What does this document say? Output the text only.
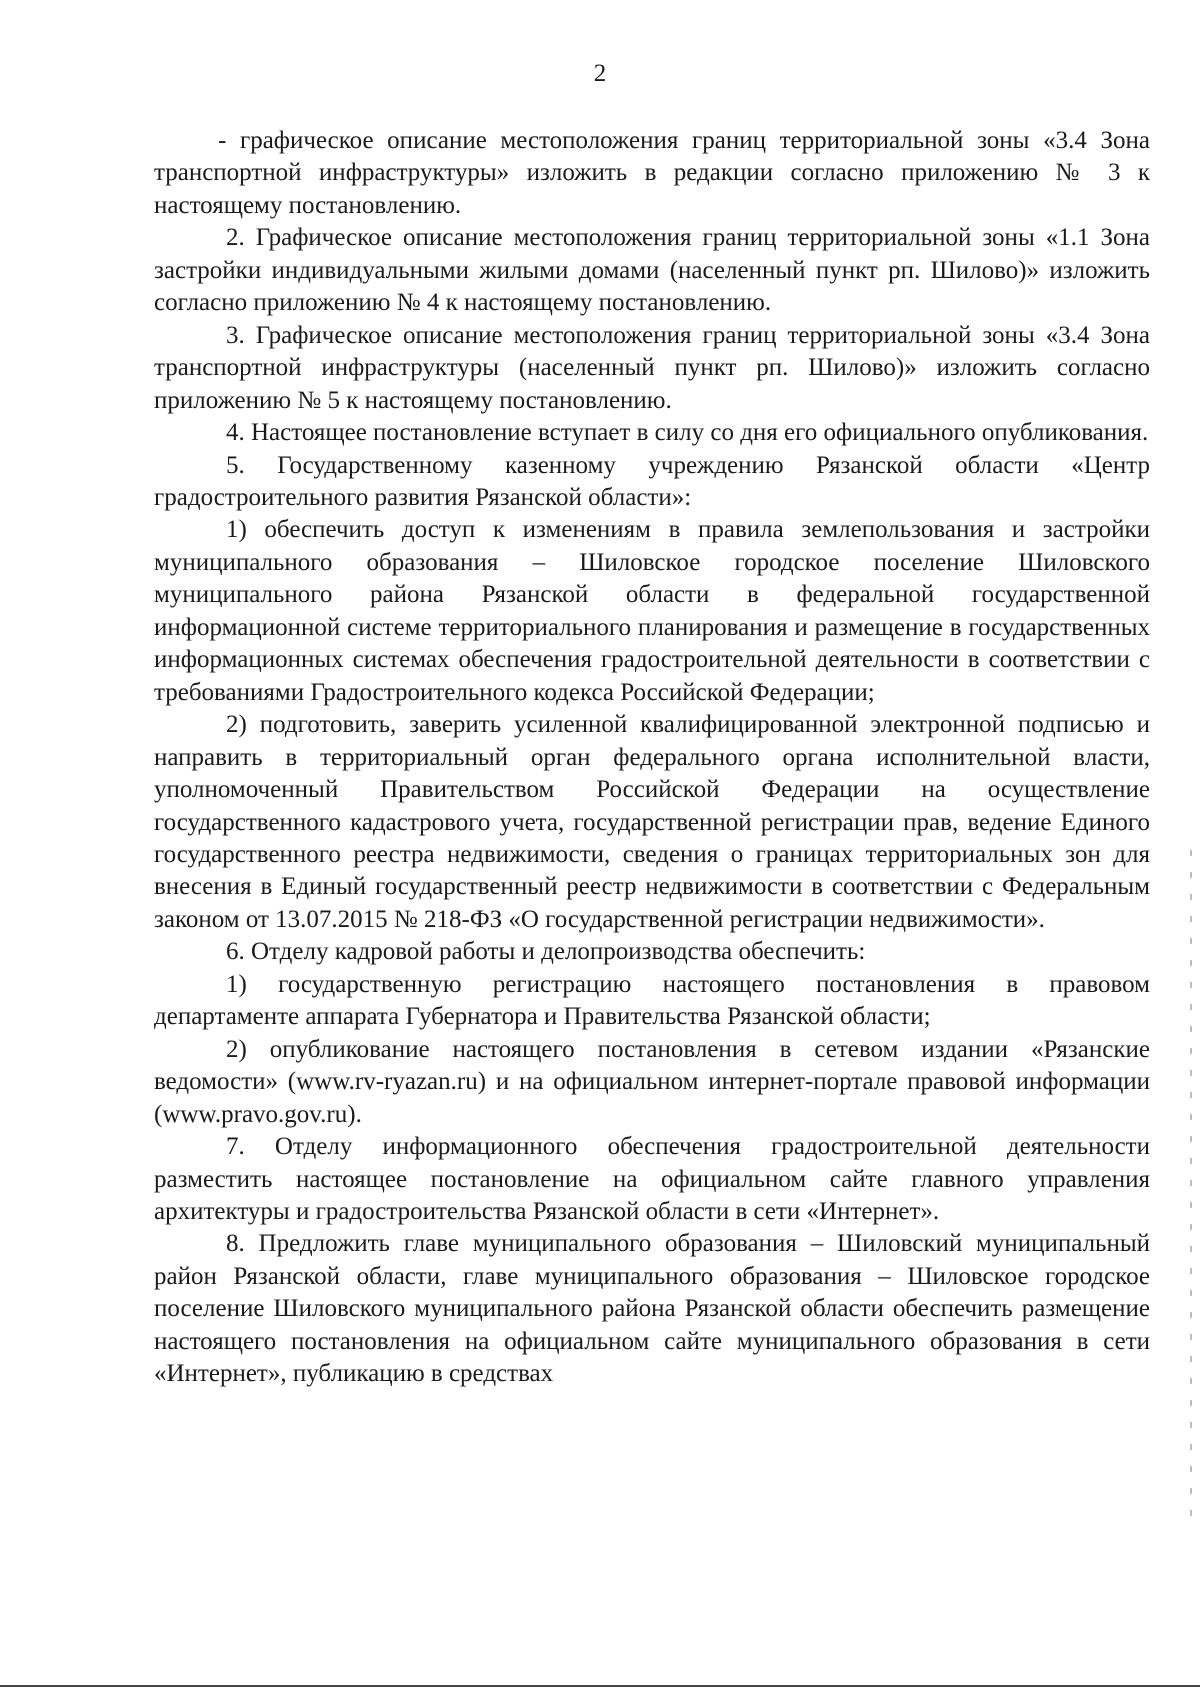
2

- графическое описание местоположения границ территориальной зоны «3.4 Зона транспортной инфраструктуры» изложить в редакции согласно приложению № 3 к настоящему постановлению.

2. Графическое описание местоположения границ территориальной зоны «1.1 Зона застройки индивидуальными жилыми домами (населенный пункт рп. Шилово)» изложить согласно приложению № 4 к настоящему постановлению.

3. Графическое описание местоположения границ территориальной зоны «3.4 Зона транспортной инфраструктуры (населенный пункт рп. Шилово)» изложить согласно приложению № 5 к настоящему постановлению.

4. Настоящее постановление вступает в силу со дня его официального опубликования.

5. Государственному казенному учреждению Рязанской области «Центр градостроительного развития Рязанской области»:

1) обеспечить доступ к изменениям в правила землепользования и застройки муниципального образования – Шиловское городское поселение Шиловского муниципального района Рязанской области в федеральной государственной информационной системе территориального планирования и размещение в государственных информационных системах обеспечения градостроительной деятельности в соответствии с требованиями Градостроительного кодекса Российской Федерации;

2) подготовить, заверить усиленной квалифицированной электронной подписью и направить в территориальный орган федерального органа исполнительной власти, уполномоченный Правительством Российской Федерации на осуществление государственного кадастрового учета, государственной регистрации прав, ведение Единого государственного реестра недвижимости, сведения о границах территориальных зон для внесения в Единый государственный реестр недвижимости в соответствии с Федеральным законом от 13.07.2015 № 218-ФЗ «О государственной регистрации недвижимости».

6. Отделу кадровой работы и делопроизводства обеспечить:

1) государственную регистрацию настоящего постановления в правовом департаменте аппарата Губернатора и Правительства Рязанской области;

2) опубликование настоящего постановления в сетевом издании «Рязанские ведомости» (www.rv-ryazan.ru) и на официальном интернет-портале правовой информации (www.pravo.gov.ru).

7. Отделу информационного обеспечения градостроительной деятельности разместить настоящее постановление на официальном сайте главного управления архитектуры и градостроительства Рязанской области в сети «Интернет».

8. Предложить главе муниципального образования – Шиловский муниципальный район Рязанской области, главе муниципального образования – Шиловское городское поселение Шиловского муниципального района Рязанской области обеспечить размещение настоящего постановления на официальном сайте муниципального образования в сети «Интернет», публикацию в средствах
